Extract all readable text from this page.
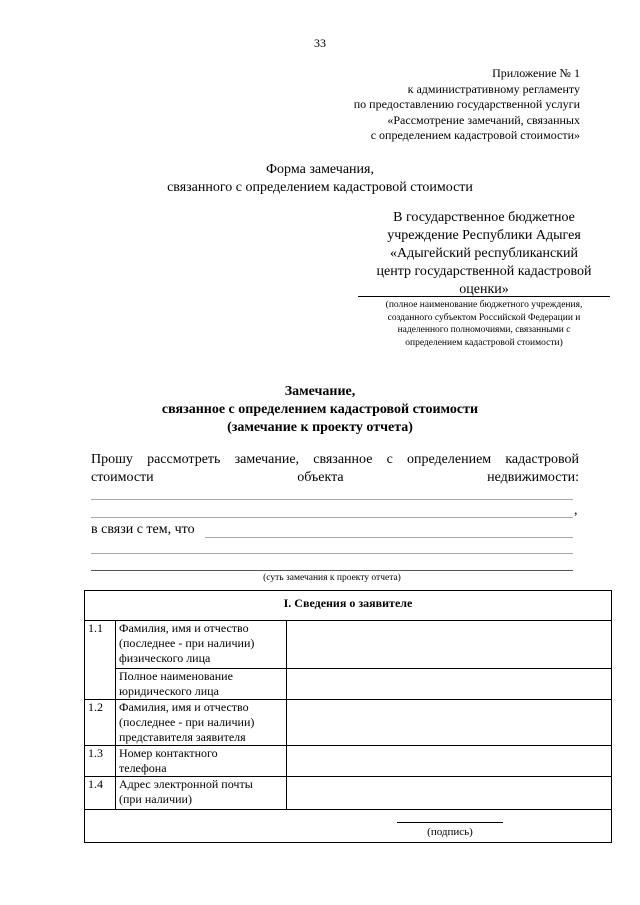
33
Приложение № 1
к административному регламенту
по предоставлению государственной услуги
«Рассмотрение замечаний, связанных
с определением кадастровой стоимости»
Форма замечания,
связанного с определением кадастровой стоимости
В государственное бюджетное
учреждение Республики Адыгея
«Адыгейский республиканский
центр государственной кадастровой
оценки»
(полное наименование бюджетного учреждения,
созданного субъектом Российской Федерации и
наделенного полномочиями, связанными с
определением кадастровой стоимости)
Замечание,
связанное с определением кадастровой стоимости
(замечание к проекту отчета)
Прошу рассмотреть замечание, связанное с определением кадастровой стоимости объекта недвижимости:
,
в связи с тем, что
(суть замечания к проекту отчета)
I. Сведения о заявителе		
1.1	Фамилия, имя и отчество
(последнее - при наличии)
физического лица	

	Полное наименование
юридического лица	

1.2	Фамилия, имя и отчество
(последнее - при наличии)
представителя заявителя	

1.3	Номер контактного
телефона	

1.4	Адрес электронной почты
(при наличии)	

(подпись)
